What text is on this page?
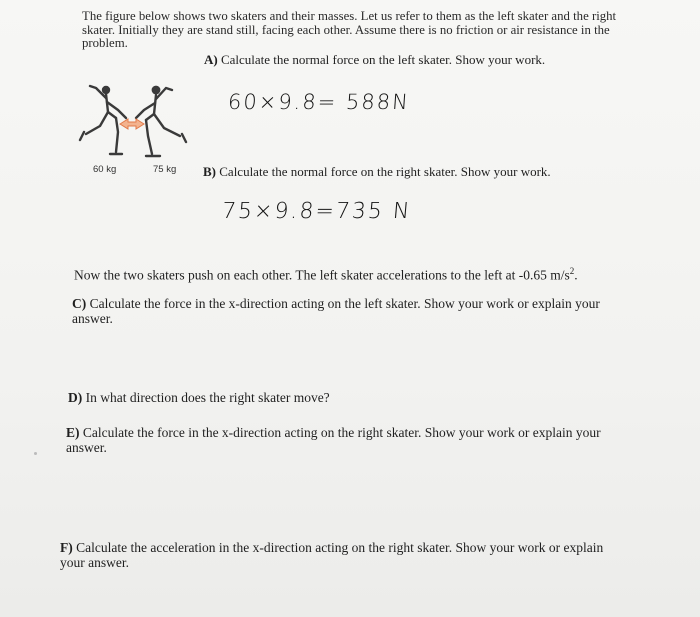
The figure below shows two skaters and their masses. Let us refer to them as the left skater and the right skater. Initially they are stand still, facing each other. Assume there is no friction or air resistance in the problem.

A) Calculate the normal force on the left skater. Show your work.

60 kg	75 kg
60×9.8= 588N

B) Calculate the normal force on the right skater. Show your work.

75×9.8=735 N

Now the two skaters push on each other. The left skater accelerations to the left at -0.65 $m/s^2$.

C) Calculate the force in the x-direction acting on the left skater. Show your work or explain your answer.

D) In what direction does the right skater move?

E) Calculate the force in the x-direction acting on the right skater. Show your work or explain your answer.

F) Calculate the acceleration in the x-direction acting on the right skater. Show your work or explain your answer.
